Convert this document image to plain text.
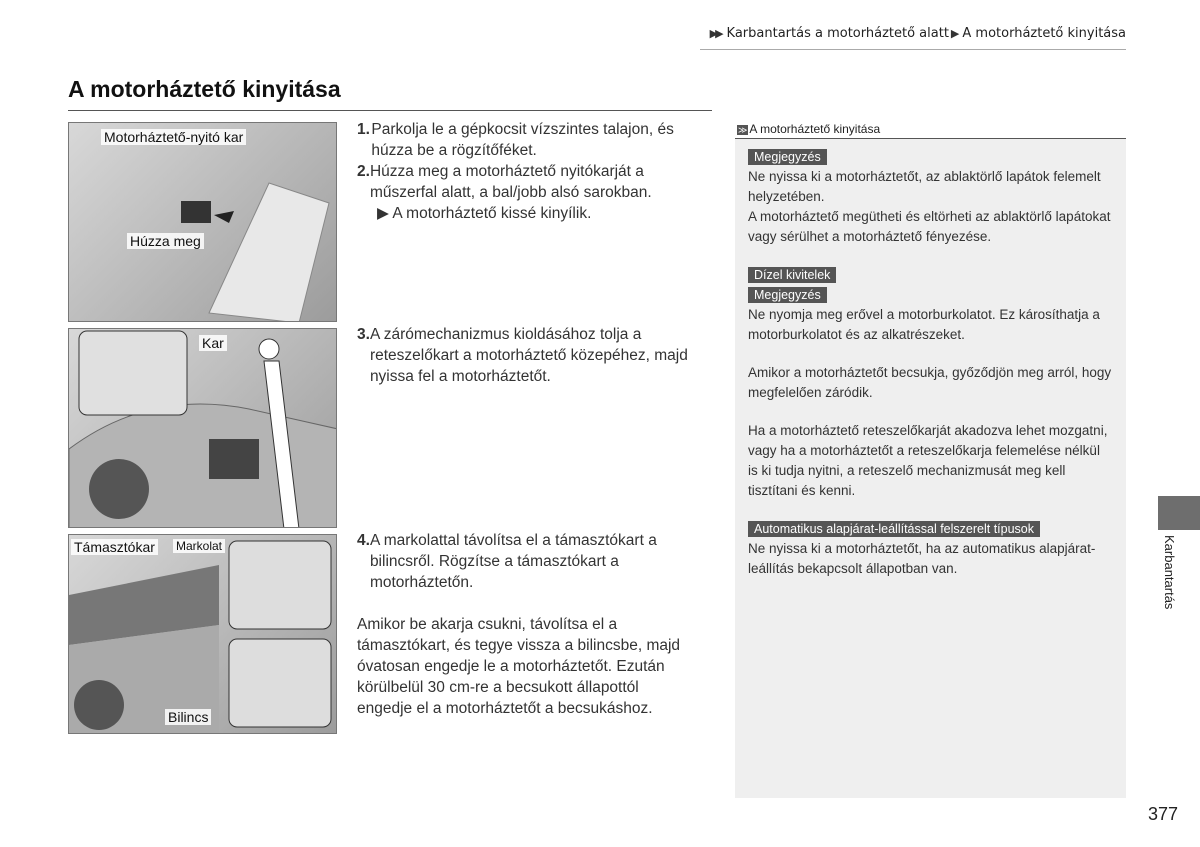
▶▶ Karbantartás a motorháztető alatt ▶ A motorháztető kinyitása
A motorháztető kinyitása
Motorháztető-nyitó kar
Húzza meg
Kar
Támasztókar Markolat
Bilincs
1. Parkolja le a gépkocsit vízszintes talajon, és húzza be a rögzítőféket.
2. Húzza meg a motorháztető nyitókarját a műszerfal alatt, a bal/jobb alsó sarokban.
▶ A motorháztető kissé kinyílik.
3. A zárómechanizmus kioldásához tolja a reteszelőkart a motorháztető közepéhez, majd nyissa fel a motorháztetőt.
4. A markolattal távolítsa el a támasztókart a bilincsről. Rögzítse a támasztókart a motorháztetőn.
Amikor be akarja csukni, távolítsa el a támasztókart, és tegye vissza a bilincsbe, majd óvatosan engedje le a motorháztetőt. Ezután körülbelül 30 cm-re a becsukott állapottól engedje el a motorháztetőt a becsukáshoz.
≫ A motorháztető kinyitása
Megjegyzés
Ne nyissa ki a motorháztetőt, az ablaktörlő lapátok felemelt helyzetében.
A motorháztető megütheti és eltörheti az ablaktörlő lapátokat vagy sérülhet a motorháztető fényezése.
Dízel kivitelek
Megjegyzés
Ne nyomja meg erővel a motorburkolatot. Ez károsíthatja a motorburkolatot és az alkatrészeket.
Amikor a motorháztetőt becsukja, győződjön meg arról, hogy megfelelően záródik.
Ha a motorháztető reteszelőkarját akadozva lehet mozgatni, vagy ha a motorháztetőt a reteszelőkarja felemelése nélkül is ki tudja nyitni, a reteszelő mechanizmusát meg kell tisztítani és kenni.
Automatikus alapjárat-leállítással felszerelt típusok
Ne nyissa ki a motorháztetőt, ha az automatikus alapjárat-leállítás bekapcsolt állapotban van.	Karbantartás
377
